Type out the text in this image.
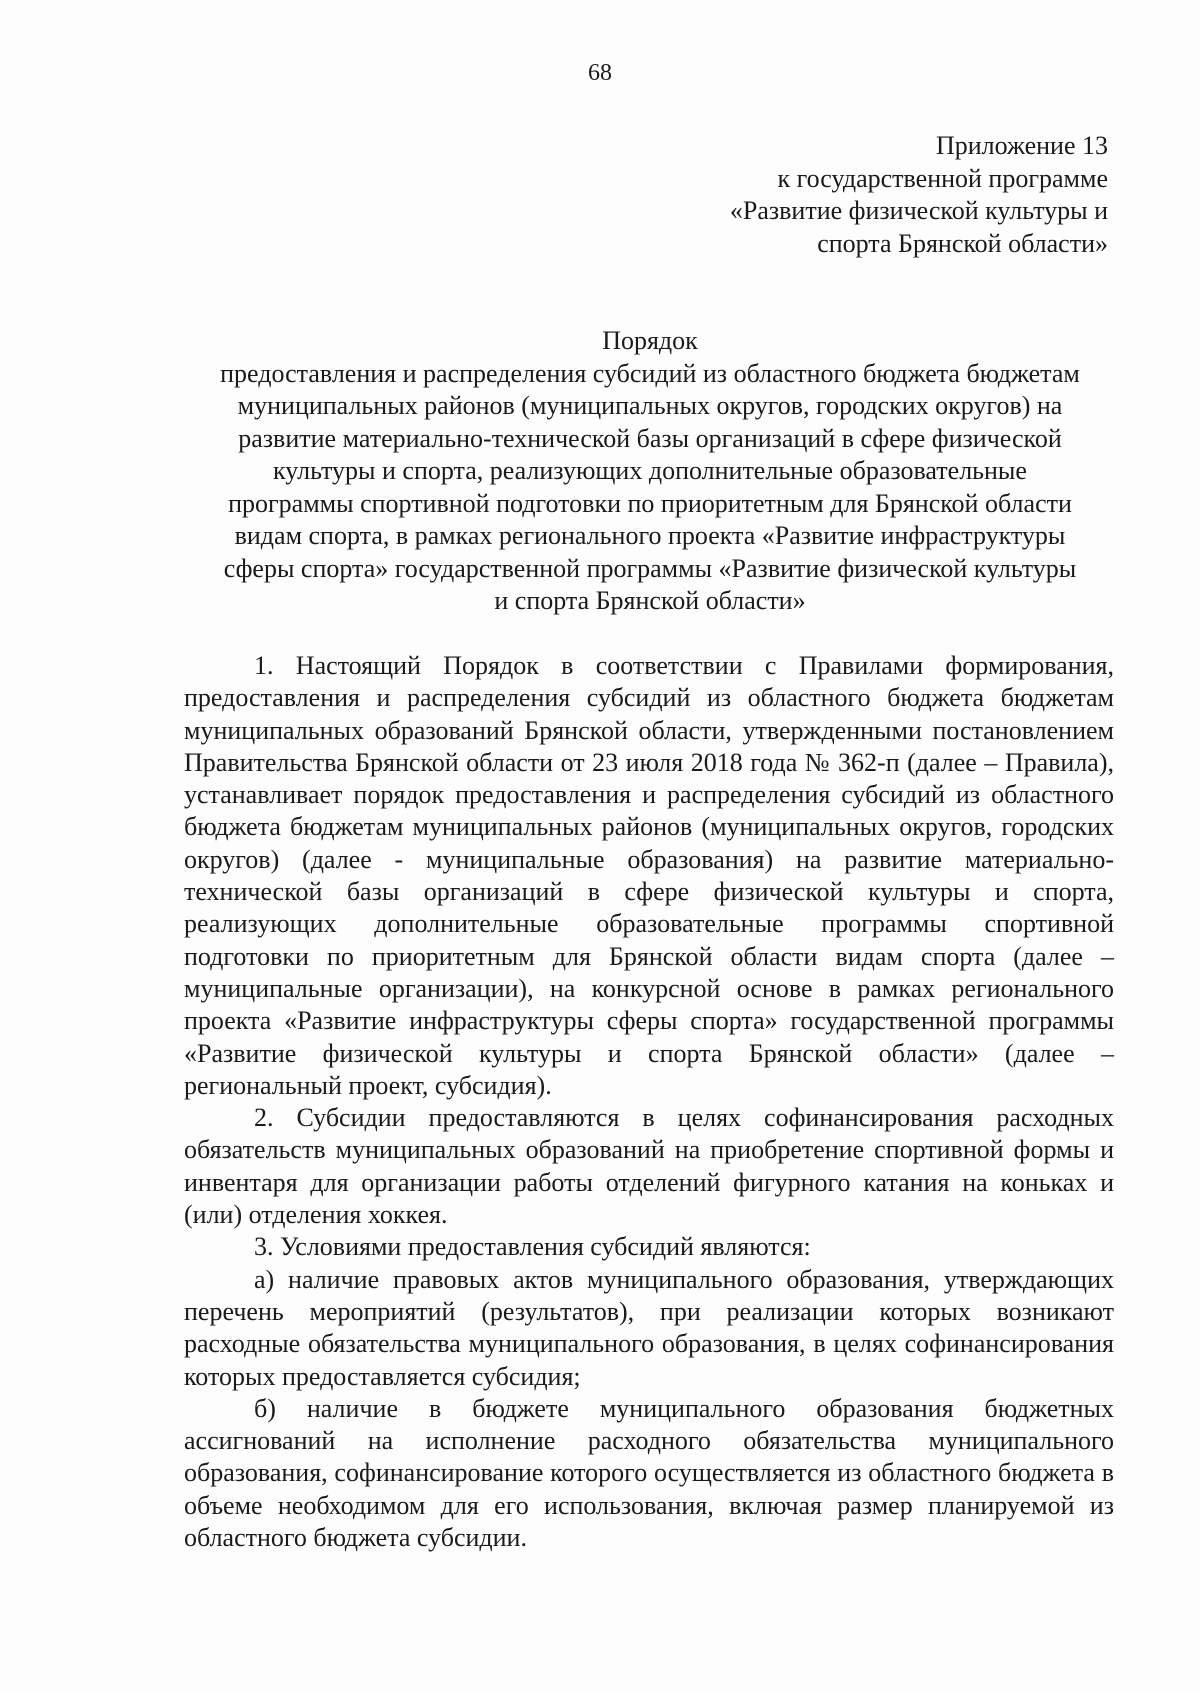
68
Приложение 13
к государственной программе
«Развитие физической культуры и
спорта Брянской области»
Порядок
предоставления и распределения субсидий из областного бюджета бюджетам
муниципальных районов (муниципальных округов, городских округов) на
развитие материально-технической базы организаций в сфере физической
культуры и спорта, реализующих дополнительные образовательные
программы спортивной подготовки по приоритетным для Брянской области
видам спорта, в рамках регионального проекта «Развитие инфраструктуры
сферы спорта» государственной программы «Развитие физической культуры
и спорта Брянской области»

1. Настоящий Порядок в соответствии с Правилами формирования, предоставления и распределения субсидий из областного бюджета бюджетам муниципальных образований Брянской области, утвержденными постановлением Правительства Брянской области от 23 июля 2018 года № 362-п (далее – Правила), устанавливает порядок предоставления и распределения субсидий из областного бюджета бюджетам муниципальных районов (муниципальных округов, городских округов) (далее - муниципальные образования) на развитие материально-технической базы организаций в сфере физической культуры и спорта, реализующих дополнительные образовательные программы спортивной подготовки по приоритетным для Брянской области видам спорта (далее – муниципальные организации), на конкурсной основе в рамках регионального проекта «Развитие инфраструктуры сферы спорта» государственной программы «Развитие физической культуры и спорта Брянской области» (далее – региональный проект, субсидия).

2. Субсидии предоставляются в целях софинансирования расходных обязательств муниципальных образований на приобретение спортивной формы и инвентаря для организации работы отделений фигурного катания на коньках и (или) отделения хоккея.

3. Условиями предоставления субсидий являются:

а) наличие правовых актов муниципального образования, утверждающих перечень мероприятий (результатов), при реализации которых возникают расходные обязательства муниципального образования, в целях софинансирования которых предоставляется субсидия;

б) наличие в бюджете муниципального образования бюджетных ассигнований на исполнение расходного обязательства муниципального образования, софинансирование которого осуществляется из областного бюджета в объеме необходимом для его использования, включая размер планируемой из областного бюджета субсидии.
